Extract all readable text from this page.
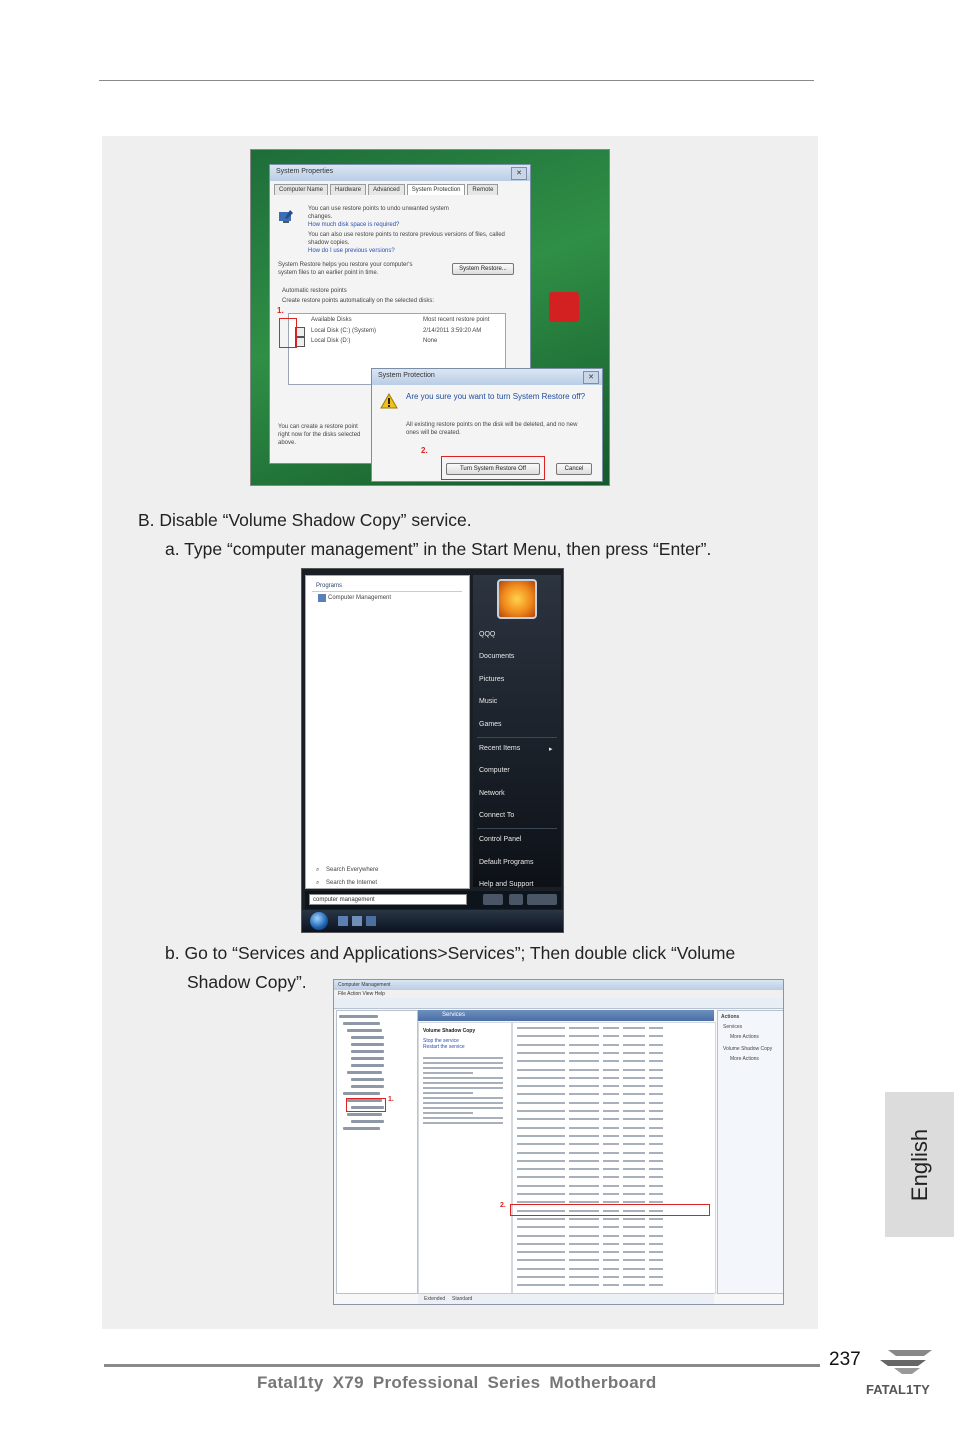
System Properties	✕
Computer Name	Hardware	Advanced	System Protection	Remote
You can use restore points to undo unwanted system changes.
How much disk space is required?
You can also use restore points to restore previous versions of files, called shadow copies.
How do I use previous versions?
System Restore helps you restore your computer's system files to an earlier point in time.
System Restore...
Automatic restore points
Create restore points automatically on the selected disks:
Available Disks	Most recent restore point
Local Disk (C:) (System)	2/14/2011 3:59:20 AM
Local Disk (D:)	None
You can create a restore point right now for the disks selected above.
1.
System Protection	✕
Are you sure you want to turn System Restore off?
All existing restore points on the disk will be deleted, and no new ones will be created.
Turn System Restore Off	Cancel
2.
B. Disable “Volume Shadow Copy” service.
a. Type “computer management” in the Start Menu, then press “Enter”.
Programs
Computer Management
⌕ Search Everywhere
⌕ Search the Internet
QQQ
Documents
Pictures
Music
Games
Recent Items	▸
Computer
Network
Connect To
Control Panel
Default Programs
Help and Support
computer management
b. Go to “Services and Applications>Services”; Then double click “Volume
Shadow Copy”.	Computer Management
File Action View Help
Services
Volume Shadow Copy
Stop the service
Restart the service
Actions
Services
More Actions
Volume Shadow Copy
More Actions
Extended Standard
1.
2.
English
237
Fatal1ty X79 Professional Series Motherboard	FATAL1TY
